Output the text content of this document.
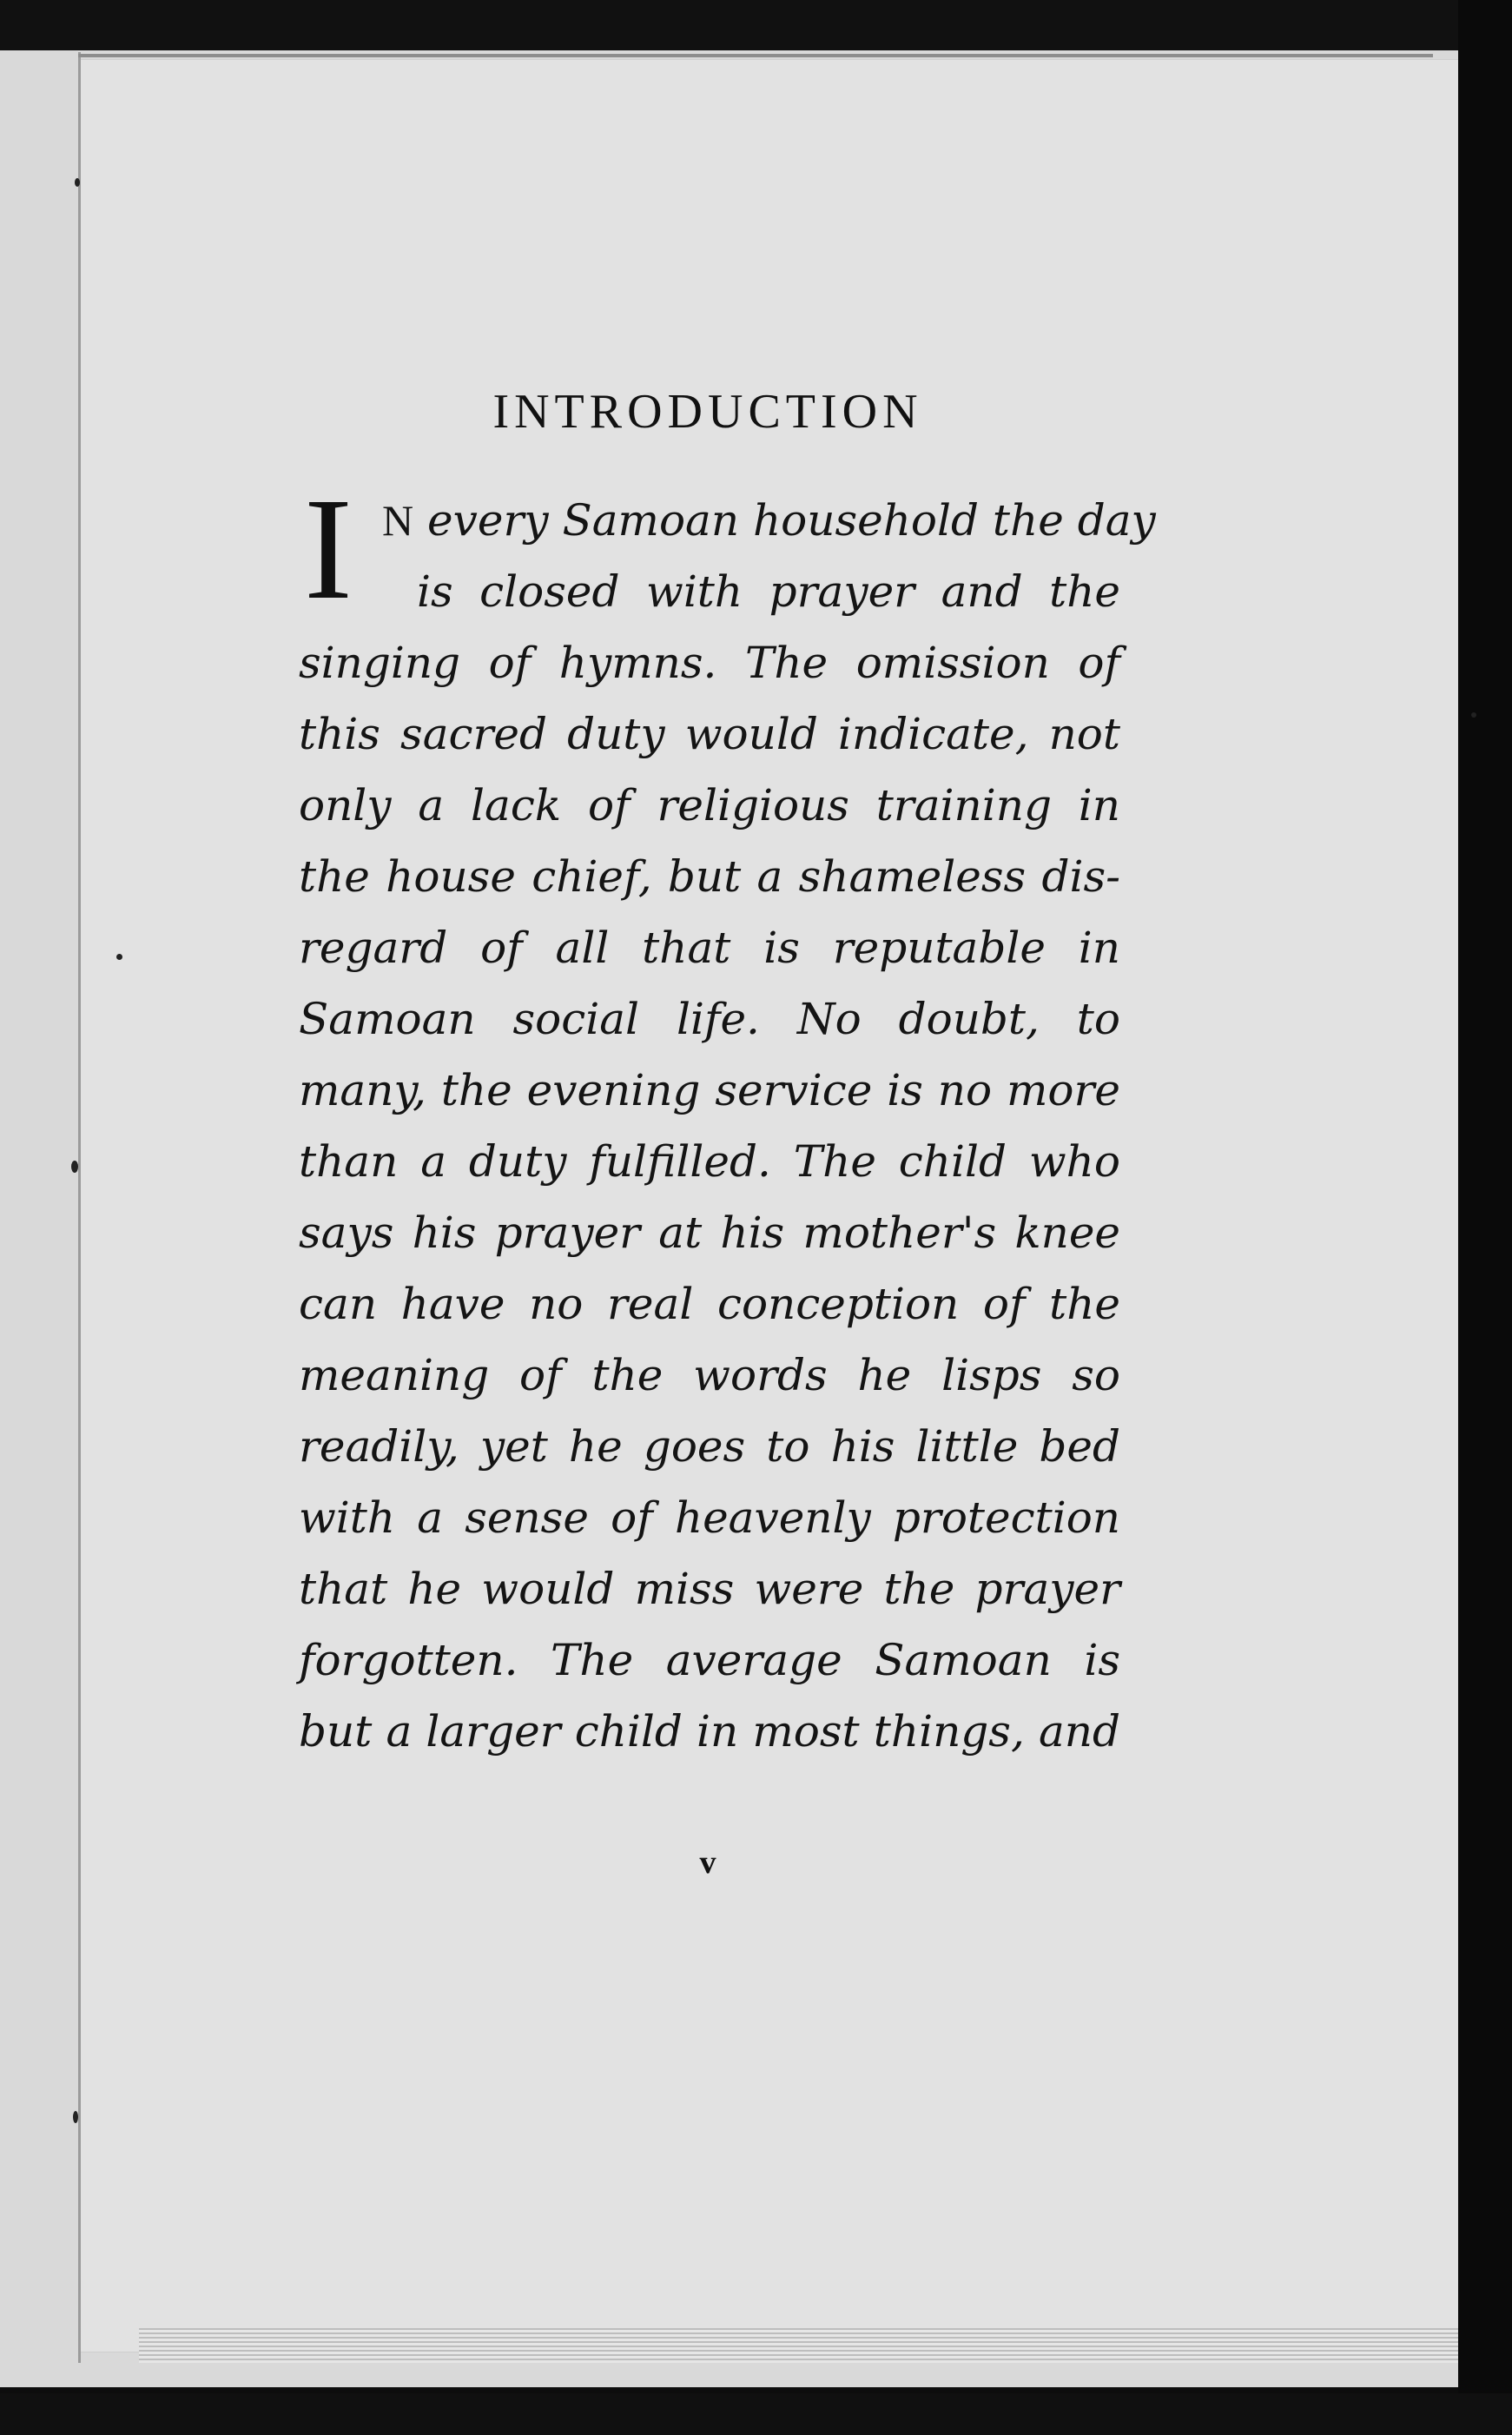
INTRODUCTION
I N every Samoan household the day
is closed with prayer and the
singing of hymns. The omission of
this sacred duty would indicate, not
only a lack of religious training in
the house chief, but a shameless dis-
regard of all that is reputable in
Samoan social life. No doubt, to
many, the evening service is no more
than a duty fulfilled. The child who
says his prayer at his mother's knee
can have no real conception of the
meaning of the words he lisps so
readily, yet he goes to his little bed
with a sense of heavenly protection
that he would miss were the prayer
forgotten. The average Samoan is
but a larger child in most things, and
v
